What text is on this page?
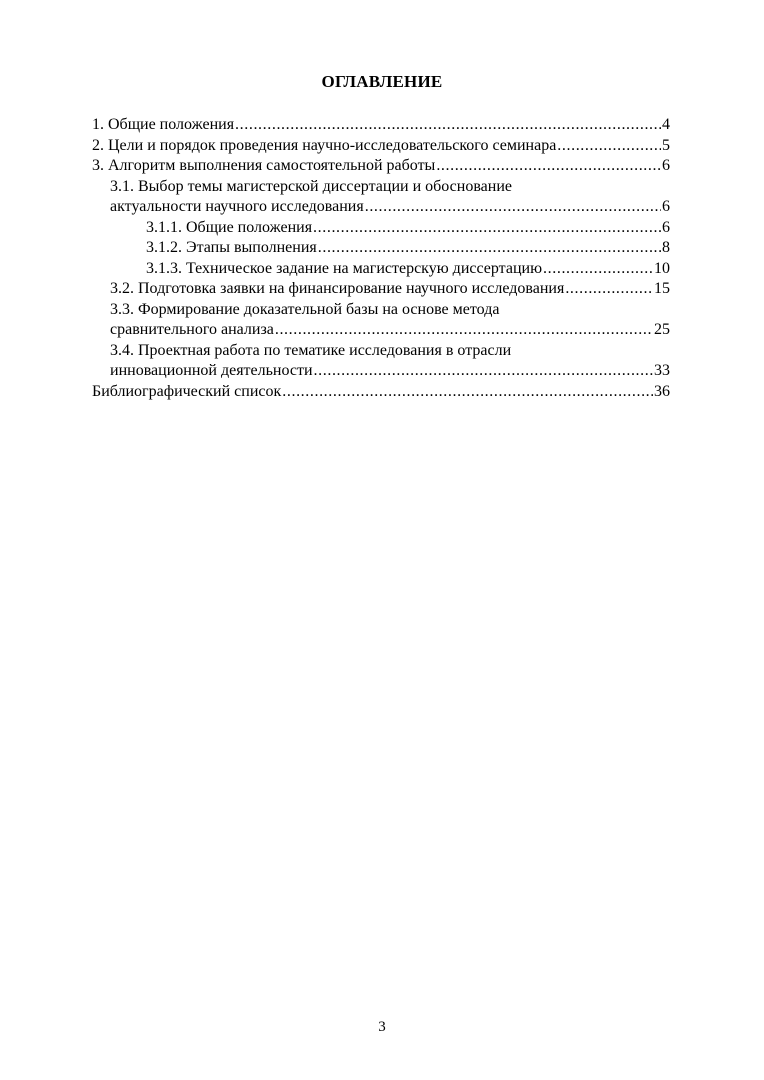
ОГЛАВЛЕНИЕ
1. Общие положения .....	4
2. Цели и порядок проведения научно-исследовательского семинара .....	5
3. Алгоритм выполнения самостоятельной работы .....	6
3.1. Выбор темы магистерской диссертации и обоснование
актуальности научного исследования .....	6
3.1.1. Общие положения .....	6
3.1.2. Этапы выполнения .....	8
3.1.3. Техническое задание на магистерскую диссертацию .....	10
3.2. Подготовка заявки на финансирование научного исследования .....	15
3.3. Формирование доказательной базы на основе метода
сравнительного анализа .....	25
3.4. Проектная работа по тематике исследования в отрасли
инновационной деятельности .....	33
Библиографический список .....	36
3
